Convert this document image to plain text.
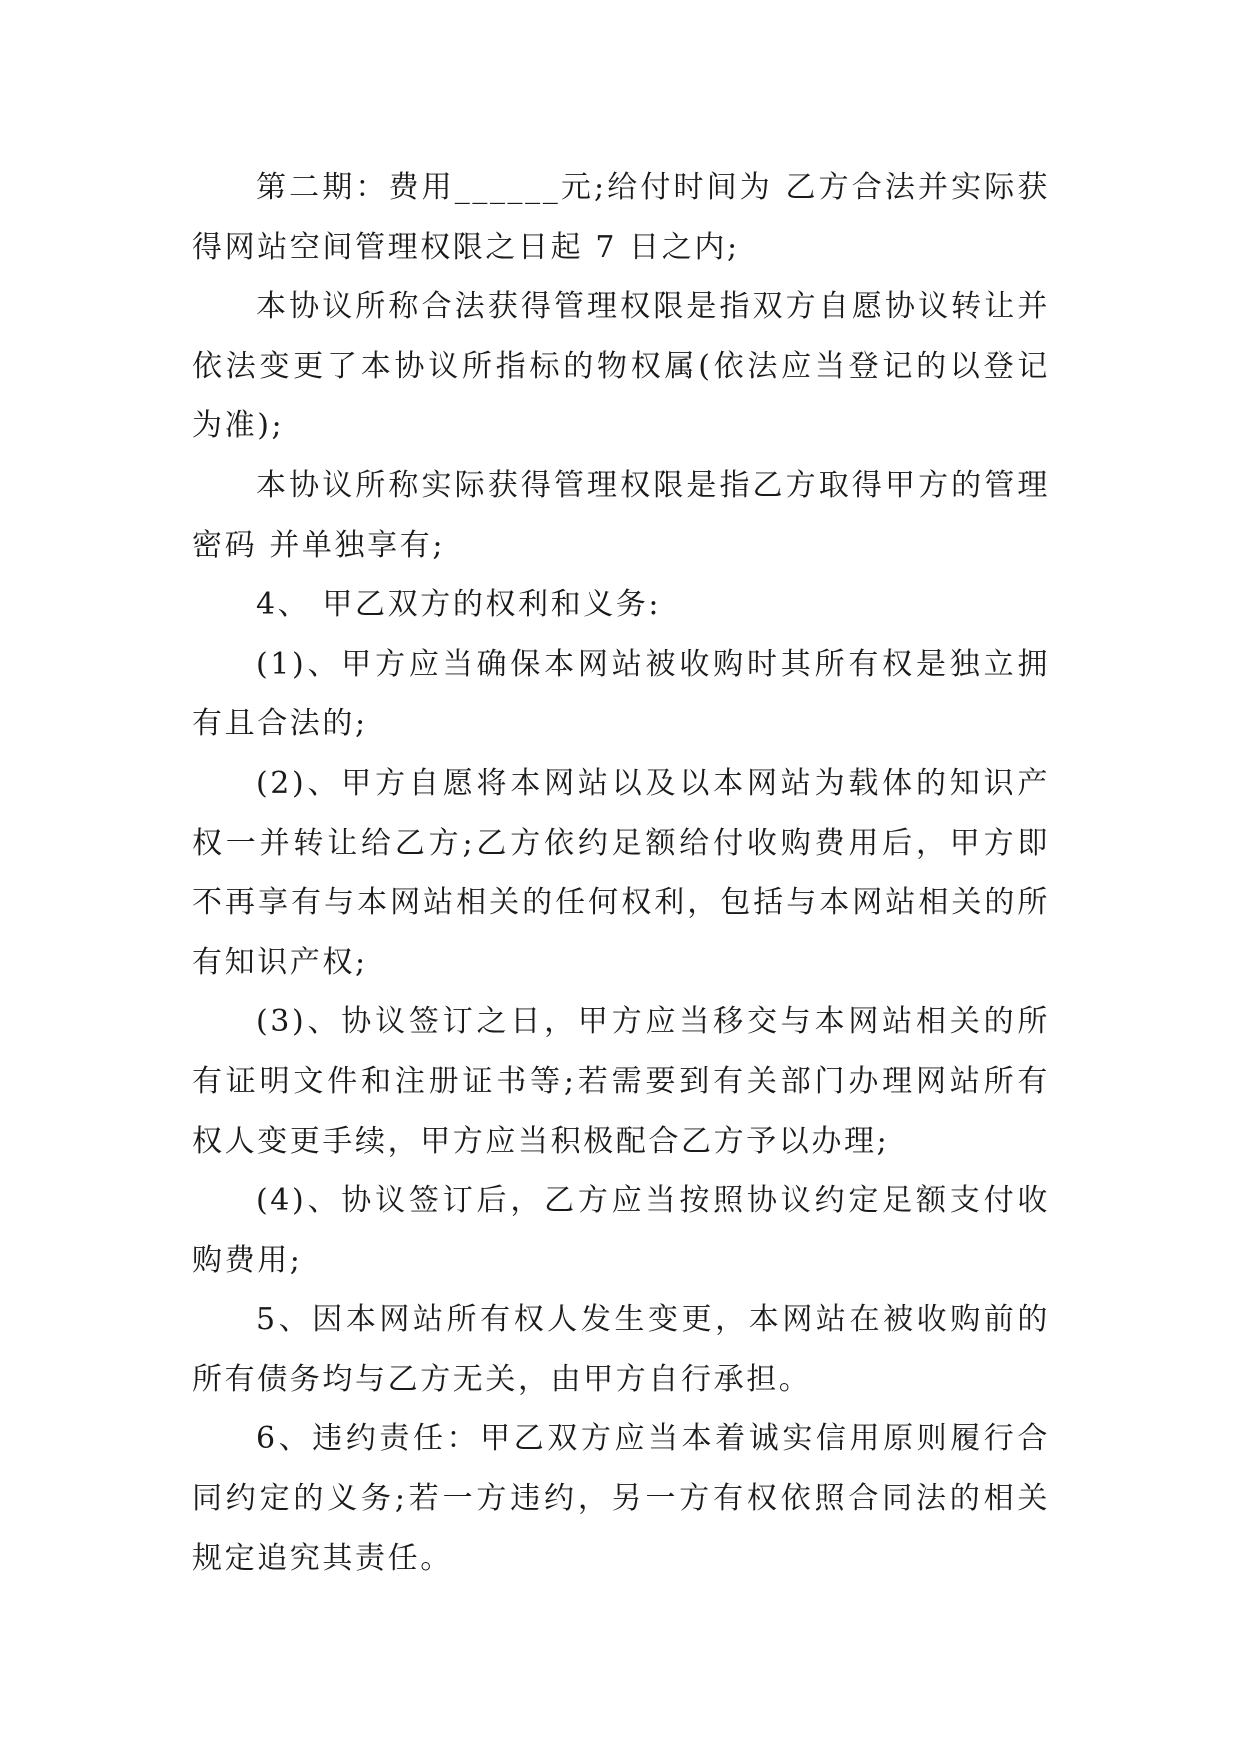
第二期：费用______元;给付时间为 乙方合法并实际获得网站空间管理权限之日起 7 日之内;

本协议所称合法获得管理权限是指双方自愿协议转让并依法变更了本协议所指标的物权属(依法应当登记的以登记为准);

本协议所称实际获得管理权限是指乙方取得甲方的管理密码 并单独享有;

4、 甲乙双方的权利和义务:

(1)、甲方应当确保本网站被收购时其所有权是独立拥有且合法的;

(2)、甲方自愿将本网站以及以本网站为载体的知识产权一并转让给乙方;乙方依约足额给付收购费用后，甲方即不再享有与本网站相关的任何权利，包括与本网站相关的所有知识产权;

(3)、协议签订之日，甲方应当移交与本网站相关的所有证明文件和注册证书等;若需要到有关部门办理网站所有权人变更手续，甲方应当积极配合乙方予以办理;

(4)、协议签订后，乙方应当按照协议约定足额支付收购费用;

5、因本网站所有权人发生变更，本网站在被收购前的所有债务均与乙方无关，由甲方自行承担。

6、违约责任：甲乙双方应当本着诚实信用原则履行合同约定的义务;若一方违约，另一方有权依照合同法的相关规定追究其责任。
